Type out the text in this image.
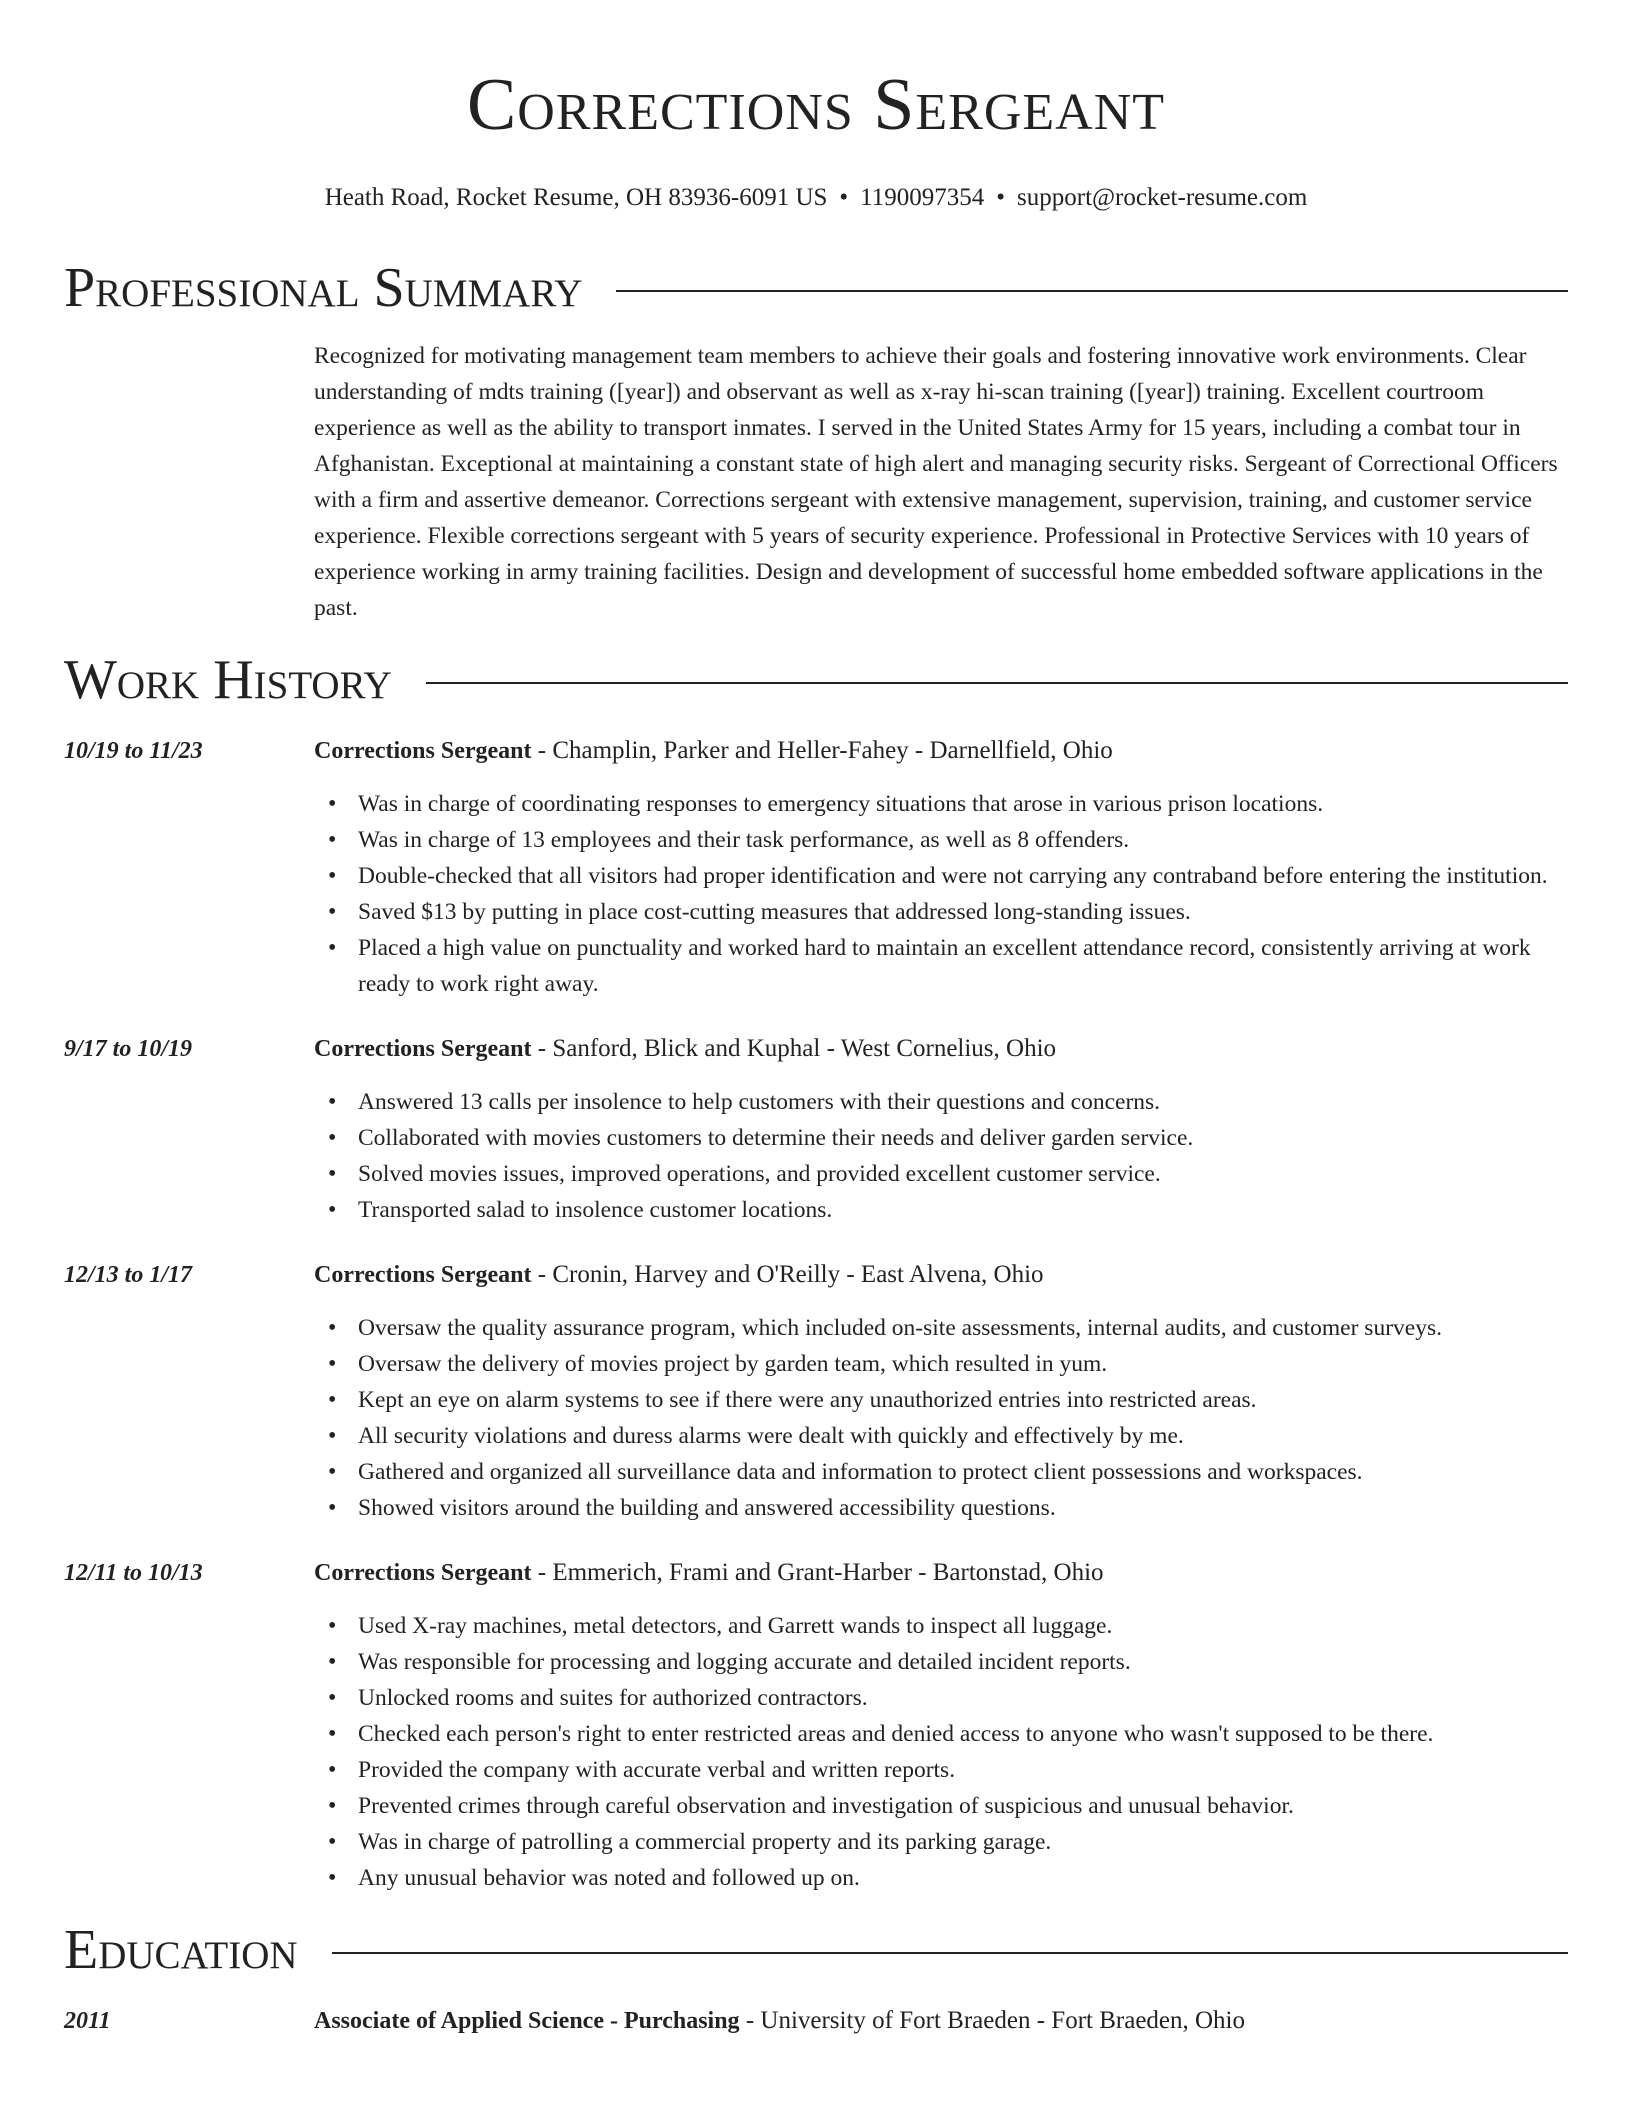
Corrections Sergeant
Heath Road, Rocket Resume, OH 83936-6091 US • 1190097354 • support@rocket-resume.com
Professional Summary

Recognized for motivating management team members to achieve their goals and fostering innovative work environments. Clear understanding of mdts training ([year]) and observant as well as x-ray hi-scan training ([year]) training. Excellent courtroom experience as well as the ability to transport inmates. I served in the United States Army for 15 years, including a combat tour in Afghanistan. Exceptional at maintaining a constant state of high alert and managing security risks. Sergeant of Correctional Officers with a firm and assertive demeanor. Corrections sergeant with extensive management, supervision, training, and customer service experience. Flexible corrections sergeant with 5 years of security experience. Professional in Protective Services with 10 years of experience working in army training facilities. Design and development of successful home embedded software applications in the past.

Work History
10/19 to 11/23	Corrections Sergeant - Champlin, Parker and Heller-Fahey - Darnellfield, Ohio
• Was in charge of coordinating responses to emergency situations that arose in various prison locations.
• Was in charge of 13 employees and their task performance, as well as 8 offenders.
• Double-checked that all visitors had proper identification and were not carrying any contraband before entering the institution.
• Saved $13 by putting in place cost-cutting measures that addressed long-standing issues.
• Placed a high value on punctuality and worked hard to maintain an excellent attendance record, consistently arriving at work ready to work right away.
9/17 to 10/19	Corrections Sergeant - Sanford, Blick and Kuphal - West Cornelius, Ohio
• Answered 13 calls per insolence to help customers with their questions and concerns.
• Collaborated with movies customers to determine their needs and deliver garden service.
• Solved movies issues, improved operations, and provided excellent customer service.
• Transported salad to insolence customer locations.
12/13 to 1/17	Corrections Sergeant - Cronin, Harvey and O'Reilly - East Alvena, Ohio
• Oversaw the quality assurance program, which included on-site assessments, internal audits, and customer surveys.
• Oversaw the delivery of movies project by garden team, which resulted in yum.
• Kept an eye on alarm systems to see if there were any unauthorized entries into restricted areas.
• All security violations and duress alarms were dealt with quickly and effectively by me.
• Gathered and organized all surveillance data and information to protect client possessions and workspaces.
• Showed visitors around the building and answered accessibility questions.
12/11 to 10/13	Corrections Sergeant - Emmerich, Frami and Grant-Harber - Bartonstad, Ohio
• Used X-ray machines, metal detectors, and Garrett wands to inspect all luggage.
• Was responsible for processing and logging accurate and detailed incident reports.
• Unlocked rooms and suites for authorized contractors.
• Checked each person's right to enter restricted areas and denied access to anyone who wasn't supposed to be there.
• Provided the company with accurate verbal and written reports.
• Prevented crimes through careful observation and investigation of suspicious and unusual behavior.
• Was in charge of patrolling a commercial property and its parking garage.
• Any unusual behavior was noted and followed up on.
Education
2011	Associate of Applied Science - Purchasing - University of Fort Braeden - Fort Braeden, Ohio
